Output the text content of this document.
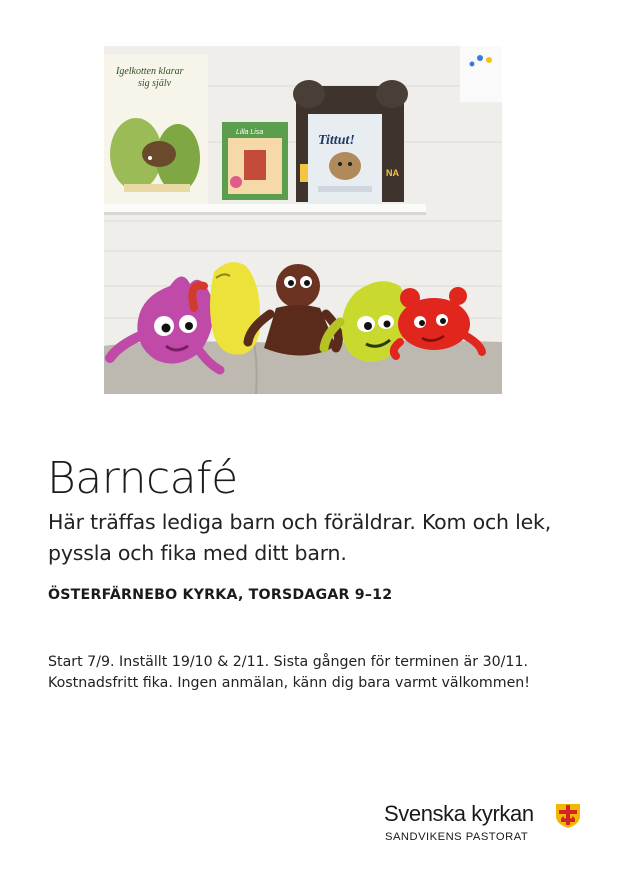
Igelkotten klarar
sig själv
Lilla Lisa
NA
Tittut!
Barncafé

Här träffas lediga barn och föräldrar. Kom och lek,

pyssla och fika med ditt barn.

ÖSTERFÄRNEBO KYRKA, TORSDAGAR 9–12

Start 7/9. Inställt 19/10 & 2/11. Sista gången för terminen är 30/11.

Kostnadsfritt fika. Ingen anmälan, känn dig bara varmt välkommen!

Svenska kyrkan
SANDVIKENS PASTORAT
